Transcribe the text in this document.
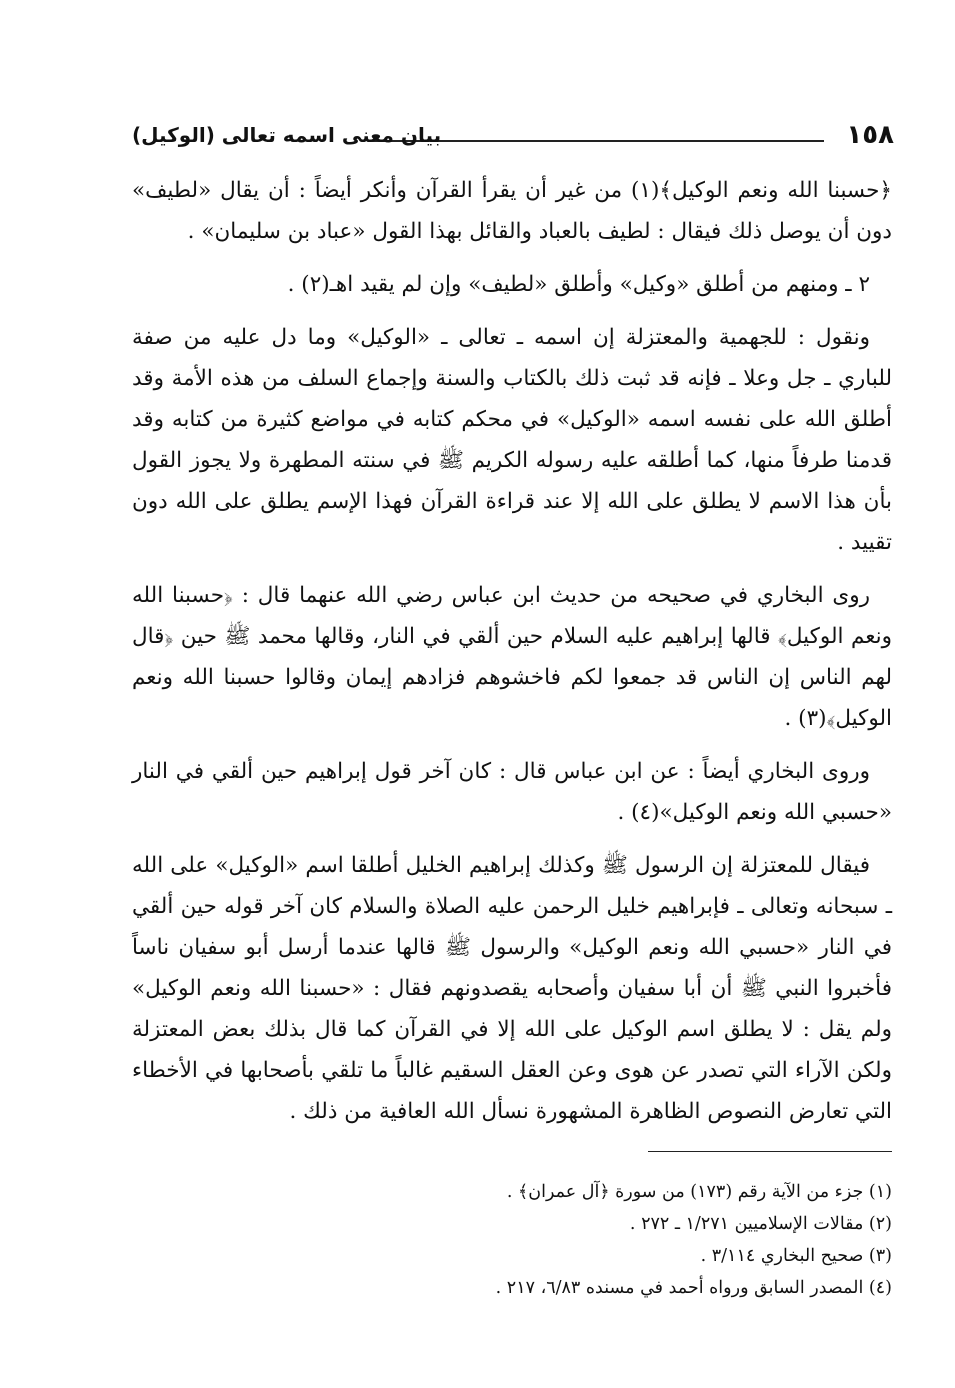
١٥٨
بيان معنى اسمه تعالى (الوكيل)

﴿حسبنا الله ونعم الوكيل﴾(١) من غير أن يقرأ القرآن وأنكر أيضاً : أن يقال «لطيف» دون أن يوصل ذلك فيقال : لطيف بالعباد والقائل بهذا القول «عباد بن سليمان» .

٢ ـ ومنهم من أطلق «وكيل» وأطلق «لطيف» وإن لم يقيد اهـ(٢) .

ونقول : للجهمية والمعتزلة إن اسمه ـ تعالى ـ «الوكيل» وما دل عليه من صفة للباري ـ جل وعلا ـ فإنه قد ثبت ذلك بالكتاب والسنة وإجماع السلف من هذه الأمة وقد أطلق الله على نفسه اسمه «الوكيل» في محكم كتابه في مواضع كثيرة من كتابه وقد قدمنا طرفاً منها، كما أطلقه عليه رسوله الكريم ﷺ في سنته المطهرة ولا يجوز القول بأن هذا الاسم لا يطلق على الله إلا عند قراءة القرآن فهذا الإسم يطلق على الله دون تقييد .

روى البخاري في صحيحه من حديث ابن عباس رضي الله عنهما قال : ﴿حسبنا الله ونعم الوكيل﴾ قالها إبراهيم عليه السلام حين ألقي في النار، وقالها محمد ﷺ حين ﴿قال لهم الناس إن الناس قد جمعوا لكم فاخشوهم فزادهم إيمان وقالوا حسبنا الله ونعم الوكيل﴾(٣) .

وروى البخاري أيضاً : عن ابن عباس قال : كان آخر قول إبراهيم حين ألقي في النار «حسبي الله ونعم الوكيل»(٤) .

فيقال للمعتزلة إن الرسول ﷺ وكذلك إبراهيم الخليل أطلقا اسم «الوكيل» على الله ـ سبحانه وتعالى ـ فإبراهيم خليل الرحمن عليه الصلاة والسلام كان آخر قوله حين ألقي في النار «حسبي الله ونعم الوكيل» والرسول ﷺ قالها عندما أرسل أبو سفيان ناساً فأخبروا النبي ﷺ أن أبا سفيان وأصحابه يقصدونهم فقال : «حسبنا الله ونعم الوكيل» ولم يقل : لا يطلق اسم الوكيل على الله إلا في القرآن كما قال بذلك بعض المعتزلة ولكن الآراء التي تصدر عن هوى وعن العقل السقيم غالباً ما تلقي بأصحابها في الأخطاء التي تعارض النصوص الظاهرة المشهورة نسأل الله العافية من ذلك .

(١) جزء من الآية رقم (١٧٣) من سورة ﴿آل عمران﴾ .

(٢) مقالات الإسلاميين ١/٢٧١ ـ ٢٧٢ .

(٣) صحيح البخاري ٣/١١٤ .

(٤) المصدر السابق ورواه أحمد في مسنده ٦/٨٣، ٢١٧ .
